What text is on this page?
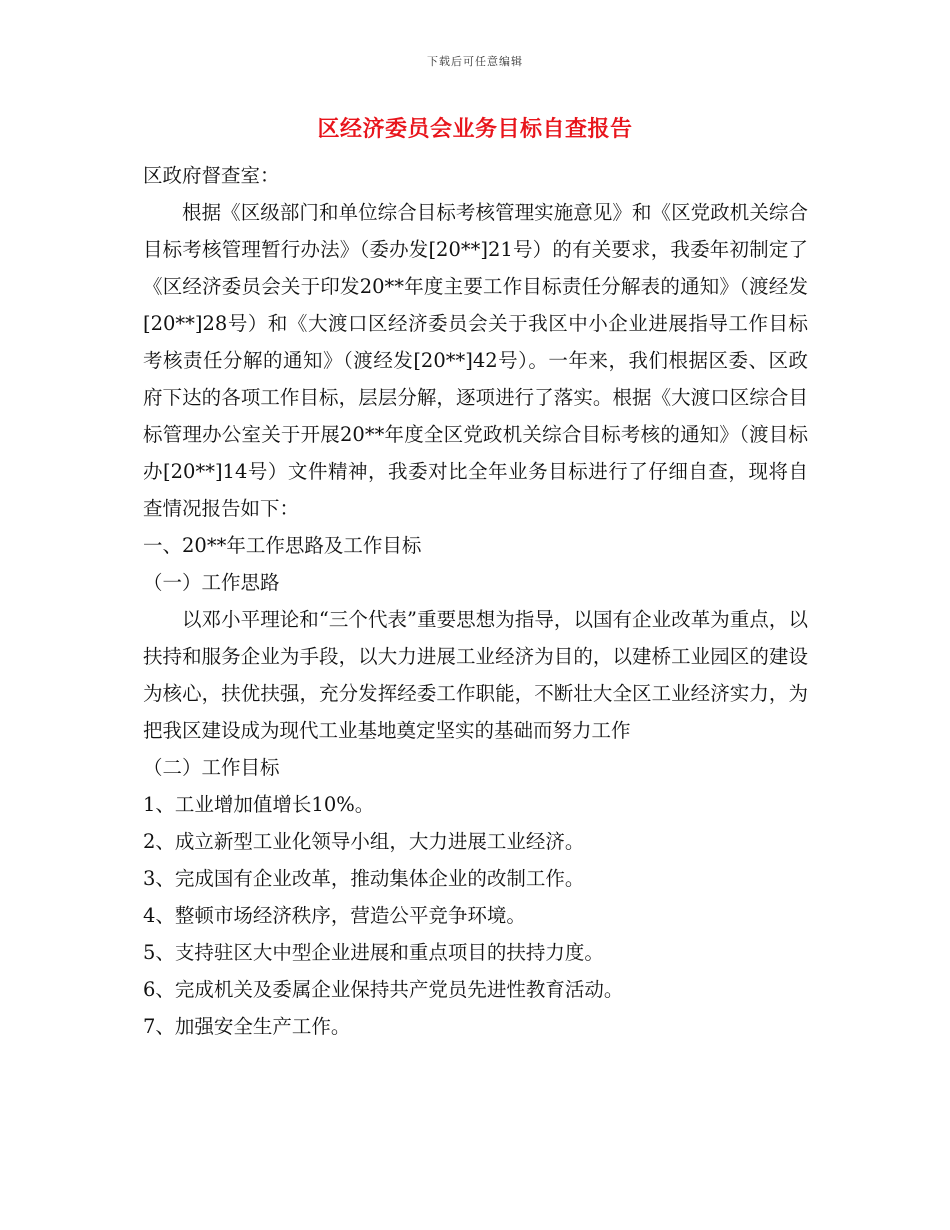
下载后可任意编辑
区经济委员会业务目标自查报告

区政府督查室：

根据《区级部门和单位综合目标考核管理实施意见》和《区党政机关综合目标考核管理暂行办法》（委办发[20**]21号）的有关要求，我委年初制定了《区经济委员会关于印发20**年度主要工作目标责任分解表的通知》（渡经发[20**]28号）和《大渡口区经济委员会关于我区中小企业进展指导工作目标考核责任分解的通知》（渡经发[20**]42号）。一年来，我们根据区委、区政府下达的各项工作目标，层层分解，逐项进行了落实。根据《大渡口区综合目标管理办公室关于开展20**年度全区党政机关综合目标考核的通知》（渡目标办[20**]14号）文件精神，我委对比全年业务目标进行了仔细自查，现将自查情况报告如下：

一、20**年工作思路及工作目标

（一）工作思路

以邓小平理论和“三个代表”重要思想为指导，以国有企业改革为重点，以扶持和服务企业为手段，以大力进展工业经济为目的，以建桥工业园区的建设为核心，扶优扶强，充分发挥经委工作职能，不断壮大全区工业经济实力，为把我区建设成为现代工业基地奠定坚实的基础而努力工作

（二）工作目标

1、工业增加值增长10%。

2、成立新型工业化领导小组，大力进展工业经济。

3、完成国有企业改革，推动集体企业的改制工作。

4、整顿市场经济秩序，营造公平竞争环境。

5、支持驻区大中型企业进展和重点项目的扶持力度。

6、完成机关及委属企业保持共产党员先进性教育活动。

7、加强安全生产工作。
